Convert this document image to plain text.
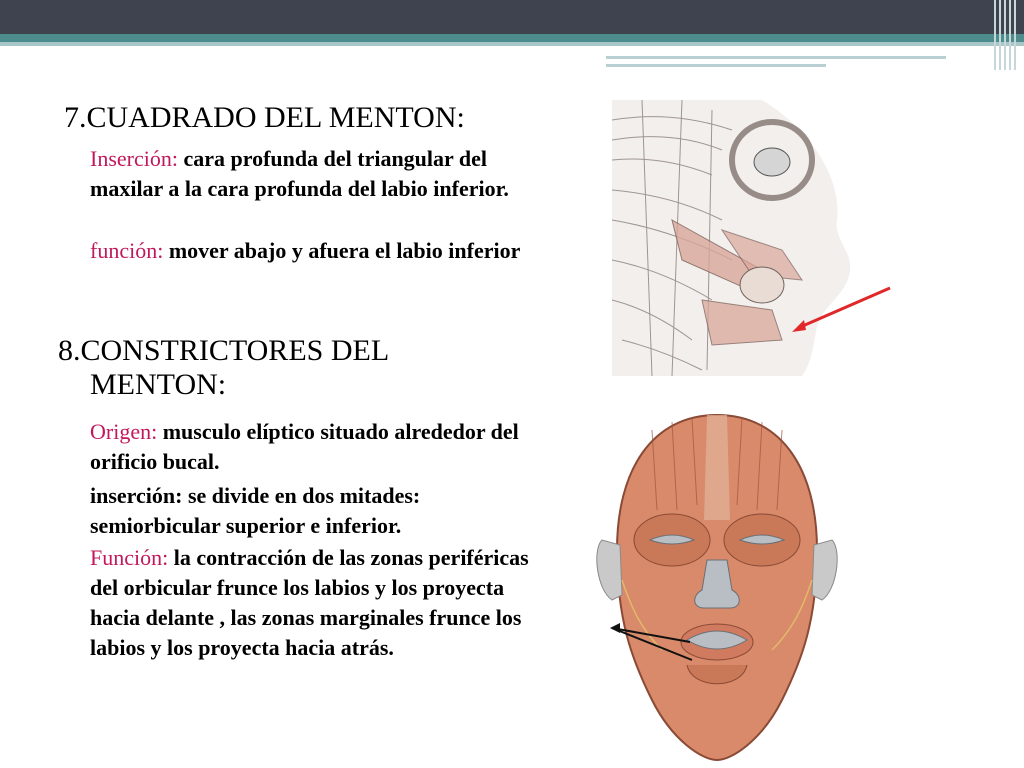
7.CUADRADO DEL MENTON:
Inserción: cara profunda del triangular del maxilar a la cara profunda del labio inferior.
función: mover abajo y afuera el labio inferior
8.CONSTRICTORES DEL
MENTON:
Origen: musculo elíptico situado alrededor del orificio bucal.
inserción: se divide en dos mitades: semiorbicular superior e inferior.
Función: la contracción de las zonas periféricas del orbicular frunce los labios y los proyecta hacia delante , las zonas marginales frunce los labios y los proyecta hacia atrás.
